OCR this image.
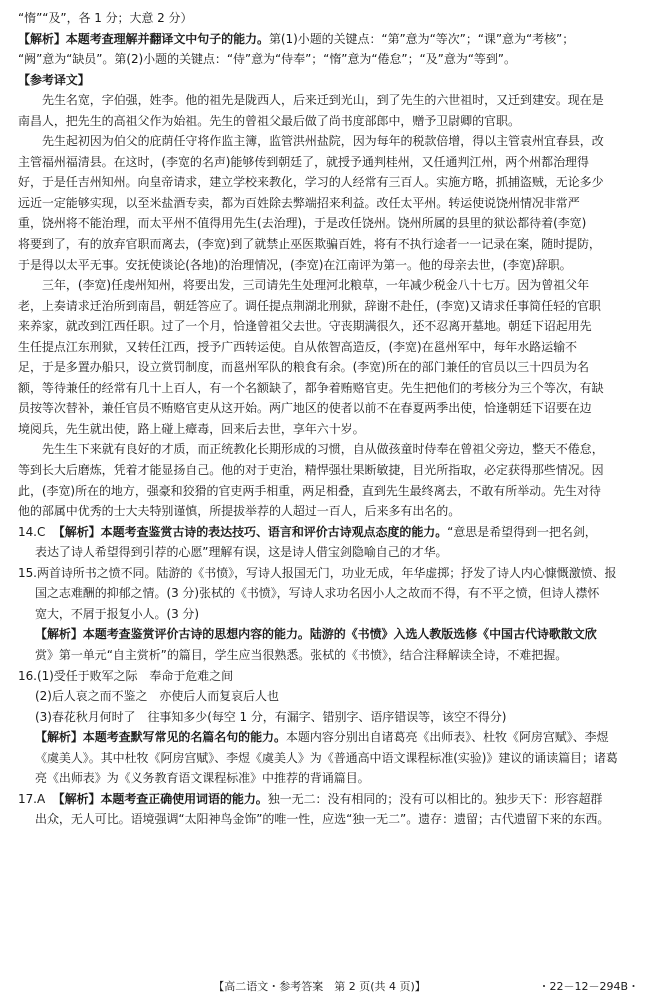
“惰”“及”，各 1 分；大意 2 分）
【解析】本题考查理解并翻译文中句子的能力。第(1)小题的关键点：“第”意为“等次”；“课”意为“考核”；
“阙”意为“缺员”。第(2)小题的关键点：“侍”意为“侍奉”；“惰”意为“倦怠”；“及”意为“等到”。
【参考译文】
先生名宽，字伯强，姓李。他的祖先是陇西人，后来迁到光山，到了先生的六世祖时，又迁到建安。现在是
南昌人，把先生的高祖父作为始祖。先生的曾祖父最后做了尚书度部郎中，赠予卫尉卿的官职。
先生起初因为伯父的庇荫任守将作监主簿，监管洪州盐院，因为每年的税款倍增，得以主管袁州宜春县，改
主管福州福清县。在这时，(李宽的名声)能够传到朝廷了，就授予通判桂州，又任通判江州，两个州都治理得
好，于是任吉州知州。向皇帝请求，建立学校来教化，学习的人经常有三百人。实施方略，抓捕盗贼，无论多少
远近一定能够实现，以至米盐酒专卖，都为百姓除去弊端招来利益。改任太平州。转运使说饶州情况非常严
重，饶州将不能治理，而太平州不值得用先生(去治理)，于是改任饶州。饶州所属的县里的狱讼都待着(李宽)
将要到了，有的放弃官职而离去，(李宽)到了就禁止巫医欺骗百姓，将有不执行途者一一记录在案，随时提防，
于是得以太平无事。安抚使谈论(各地)的治理情况，(李宽)在江南评为第一。他的母亲去世，(李宽)辞职。
三年，(李宽)任虔州知州，将要出发，三司请先生处理河北粮草，一年减少税金八十七万。因为曾祖父年
老，上奏请求迁治所到南昌，朝廷答应了。调任提点荆湖北刑狱，辞谢不赴任，(李宽)又请求任事简任轻的官职
来养家，就改到江西任职。过了一个月，恰逢曾祖父去世。守丧期满很久，还不忍离开墓地。朝廷下诏起用先
生任提点江东刑狱，又转任江西，授予广西转运使。自从侬智高造反，(李宽)在邕州军中，每年水路运输不
足，于是多置办船只，设立赏罚制度，而邕州军队的粮食有余。(李宽)所在的部门兼任的官员以三十四员为名
额，等待兼任的经常有几十上百人，有一个名额缺了，都争着贿赂官吏。先生把他们的考核分为三个等次，有缺
员按等次替补，兼任官员不贿赂官吏从这开始。两广地区的使者以前不在春夏两季出使，恰逢朝廷下诏要在边
境阅兵，先生就出使，路上碰上瘴毒，回来后去世，享年六十岁。
先生生下来就有良好的才质，而正统教化长期形成的习惯，自从做孩童时侍奉在曾祖父旁边，整天不倦怠，
等到长大后磨炼，凭着才能显扬自己。他的对于吏治，精悍强壮果断敏捷，目光所指取，必定获得那些情况。因
此，(李宽)所在的地方，强豪和狡猾的官吏两手相重，两足相叠，直到先生最终离去，不敢有所举动。先生对待
他的部属中优秀的士大夫特别谨慎，所提拔举荐的人超过一百人，后来多有出名的。
14.C 【解析】本题考查鉴赏古诗的表达技巧、语言和评价古诗观点态度的能力。“意思是希望得到一把名剑，
表达了诗人希望得到引荐的心愿”理解有误，这是诗人借宝剑隐喻自己的才华。
15.两首诗所书之愤不同。陆游的《书愤》，写诗人报国无门，功业无成，年华虚掷；抒发了诗人内心慷慨激愤、报
国之志难酬的抑郁之情。(3 分)张栻的《书愤》，写诗人求功名因小人之故而不得，有不平之愤，但诗人襟怀
宽大，不屑于报复小人。(3 分)
【解析】本题考查鉴赏评价古诗的思想内容的能力。陆游的《书愤》入选人教版选修《中国古代诗歌散文欣
赏》第一单元“自主赏析”的篇目，学生应当很熟悉。张栻的《书愤》，结合注释解读全诗，不难把握。
16.(1)受任于败军之际　奉命于危难之间
(2)后人哀之而不鉴之　亦使后人而复哀后人也
(3)春花秋月何时了　往事知多少(每空 1 分，有漏字、错别字、语序错误等，该空不得分)
【解析】本题考查默写常见的名篇名句的能力。本题内容分别出自诸葛亮《出师表》、杜牧《阿房宫赋》、李煜
《虞美人》。其中杜牧《阿房宫赋》、李煜《虞美人》为《普通高中语文课程标准(实验)》建议的诵读篇目；诸葛
亮《出师表》为《义务教育语文课程标准》中推荐的背诵篇目。
17.A 【解析】本题考查正确使用词语的能力。独一无二：没有相同的；没有可以相比的。独步天下：形容超群
出众，无人可比。语境强调“太阳神鸟金饰”的唯一性，应选“独一无二”。遗存：遗留；古代遗留下来的东西。
【高二语文・参考答案　第 2 页(共 4 页)】	・22－12－294B・
